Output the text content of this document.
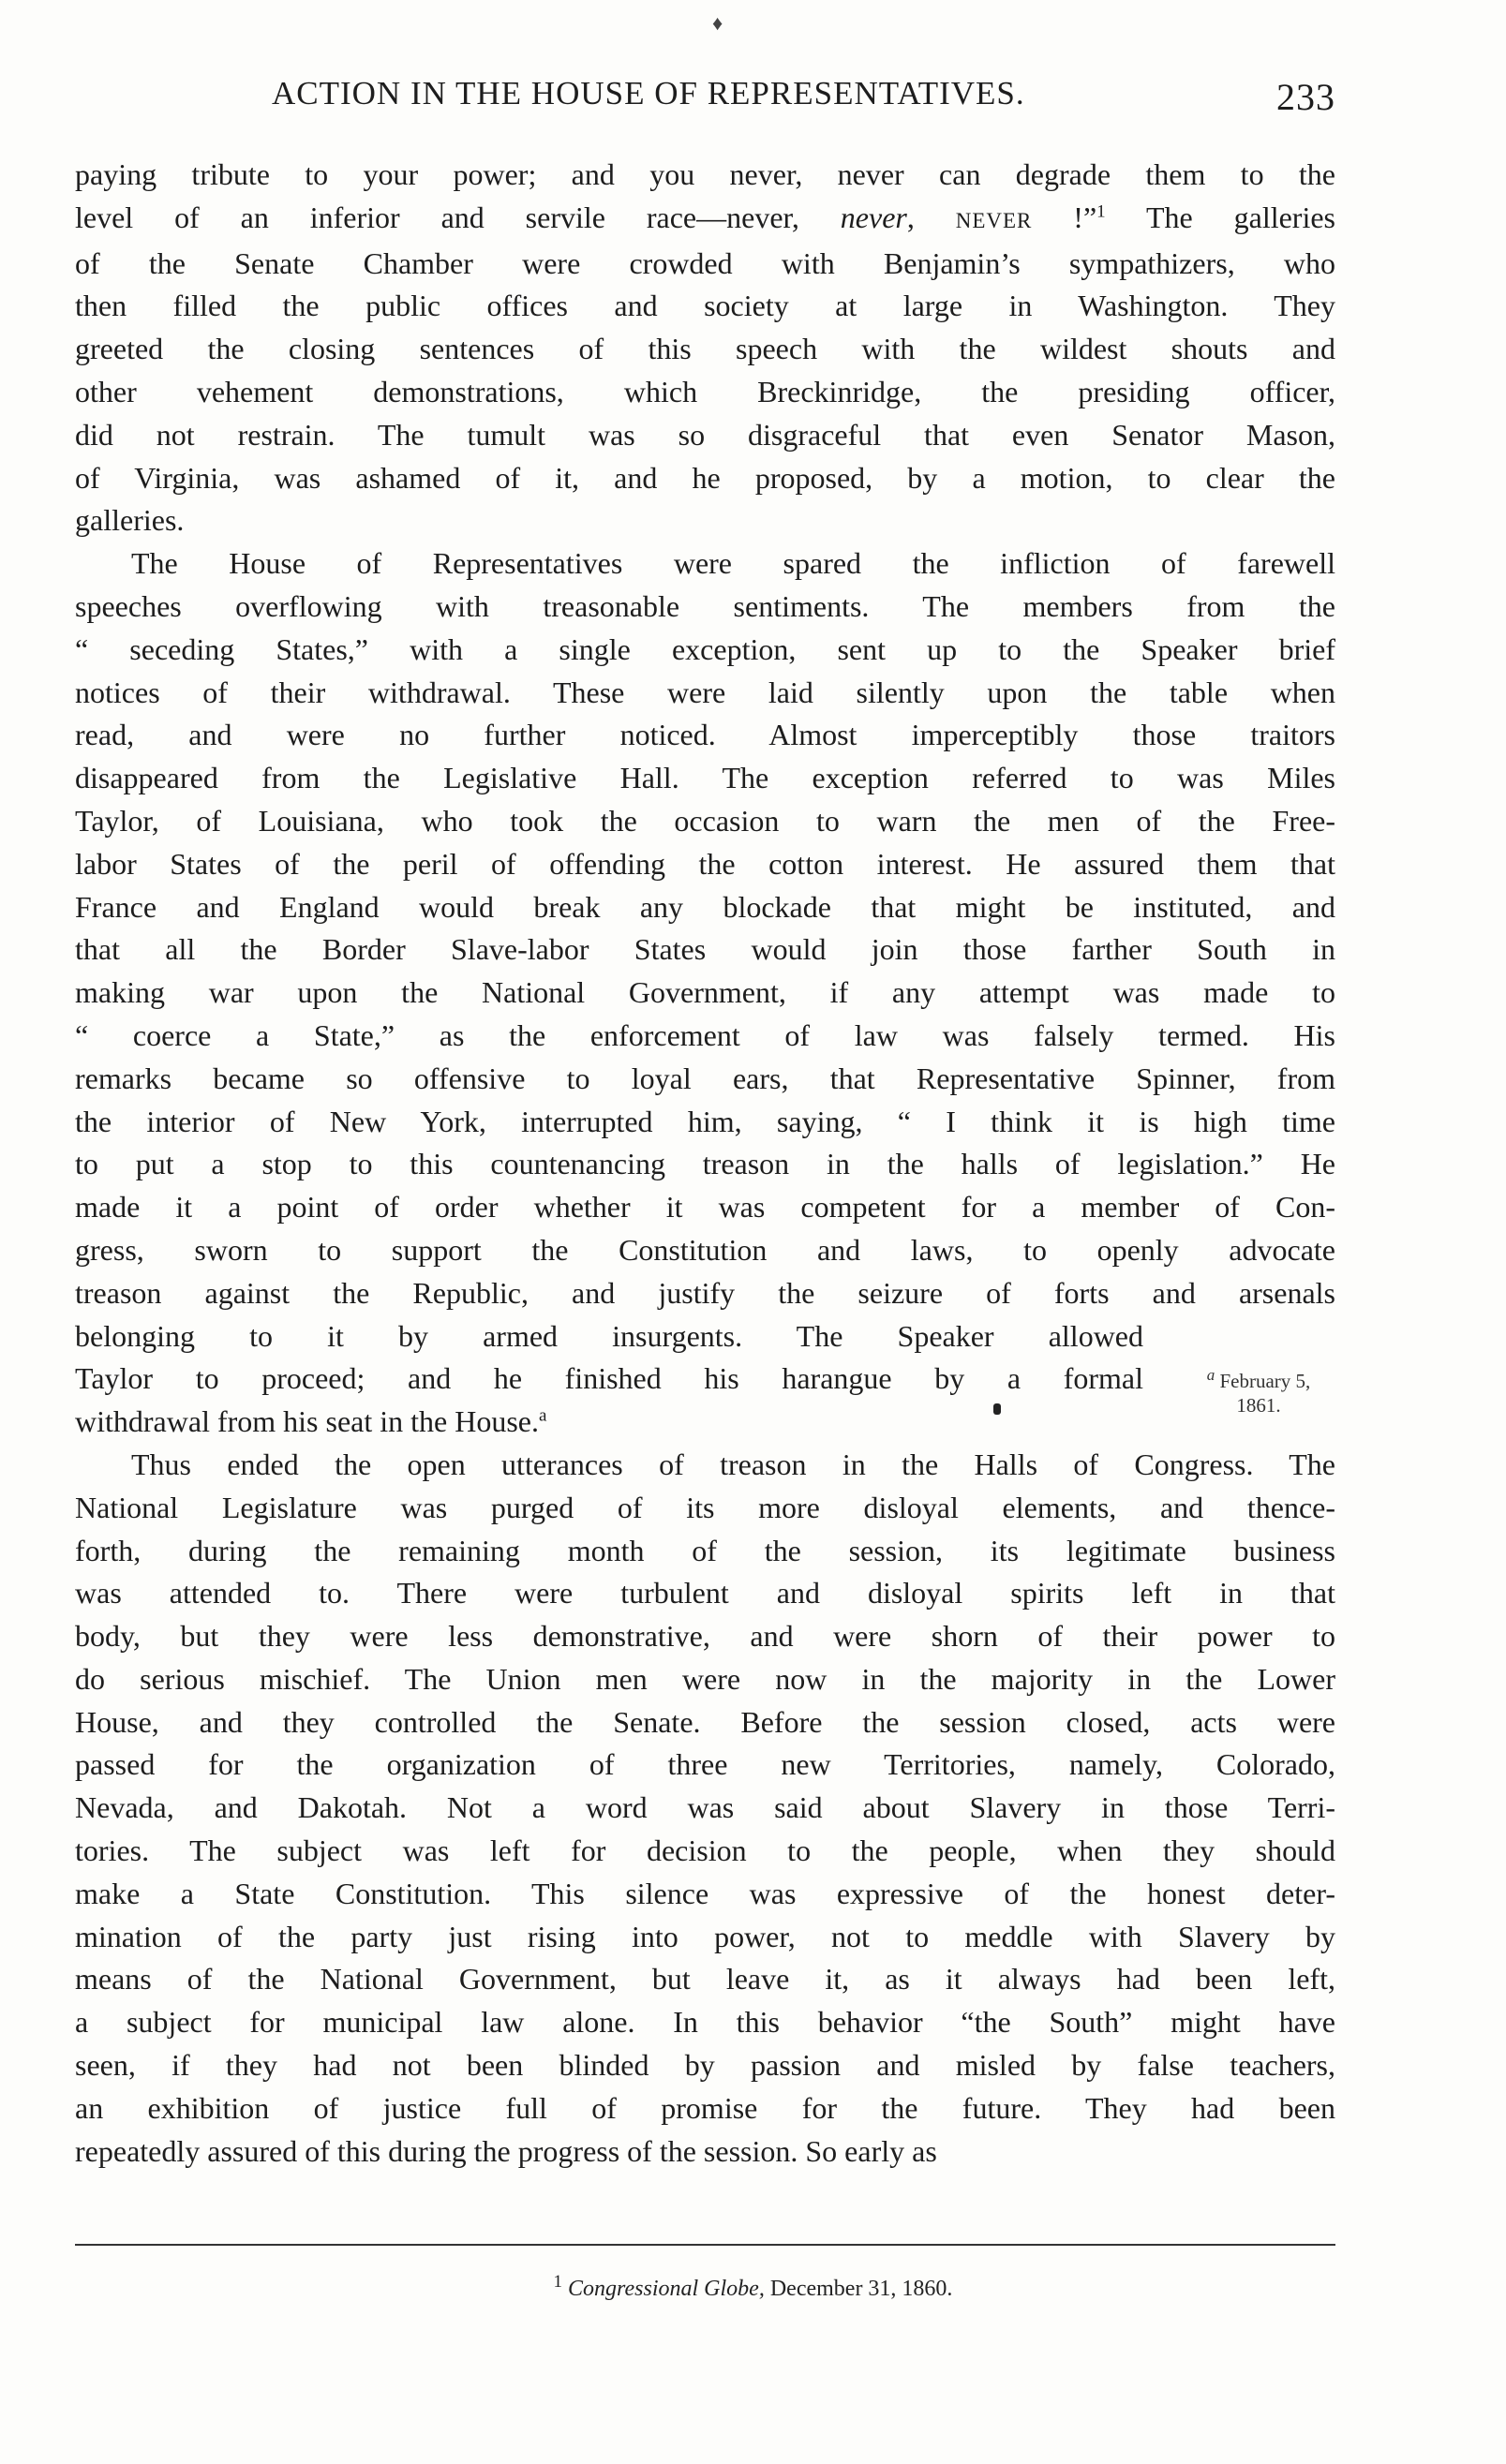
♦
ACTION IN THE HOUSE OF REPRESENTATIVES.	233

paying tribute to your power; and you never, never can degrade them to the
level of an inferior and servile race—never, never, NEVER !”$^1$ The galleries
of the Senate Chamber were crowded with Benjamin’s sympathizers, who
then filled the public offices and society at large in Washington. They
greeted the closing sentences of this speech with the wildest shouts and
other vehement demonstrations, which Breckinridge, the presiding officer,
did not restrain. The tumult was so disgraceful that even Senator Mason,
of Virginia, was ashamed of it, and he proposed, by a motion, to clear the
galleries.

The House of Representatives were spared the infliction of farewell
speeches overflowing with treasonable sentiments. The members from the
“ seceding States,” with a single exception, sent up to the Speaker brief
notices of their withdrawal. These were laid silently upon the table when
read, and were no further noticed. Almost imperceptibly those traitors
disappeared from the Legislative Hall. The exception referred to was Miles
Taylor, of Louisiana, who took the occasion to warn the men of the Free-
labor States of the peril of offending the cotton interest. He assured them that
France and England would break any blockade that might be instituted, and
that all the Border Slave-labor States would join those farther South in
making war upon the National Government, if any attempt was made to
“ coerce a State,” as the enforcement of law was falsely termed. His
remarks became so offensive to loyal ears, that Representative Spinner, from
the interior of New York, interrupted him, saying, “ I think it is high time
to put a stop to this countenancing treason in the halls of legislation.” He
made it a point of order whether it was competent for a member of Con-
gress, sworn to support the Constitution and laws, to openly advocate
treason against the Republic, and justify the seizure of forts and arsenals
belonging to it by armed insurgents. The Speaker allowed
Taylor to proceed; and he finished his harangue by a formal
withdrawal from his seat in the House.$^a$

Thus ended the open utterances of treason in the Halls of Congress. The
National Legislature was purged of its more disloyal elements, and thence-
forth, during the remaining month of the session, its legitimate business
was attended to. There were turbulent and disloyal spirits left in that
body, but they were less demonstrative, and were shorn of their power to
do serious mischief. The Union men were now in the majority in the Lower
House, and they controlled the Senate. Before the session closed, acts were
passed for the organization of three new Territories, namely, Colorado,
Nevada, and Dakotah. Not a word was said about Slavery in those Terri-
tories. The subject was left for decision to the people, when they should
make a State Constitution. This silence was expressive of the honest deter-
mination of the party just rising into power, not to meddle with Slavery by
means of the National Government, but leave it, as it always had been left,
a subject for municipal law alone. In this behavior “the South” might have
seen, if they had not been blinded by passion and misled by false teachers,
an exhibition of justice full of promise for the future. They had been
repeatedly assured of this during the progress of the session. So early as

$^a$ February 5,
1861.
$^1$ Congressional Globe, December 31, 1860.
